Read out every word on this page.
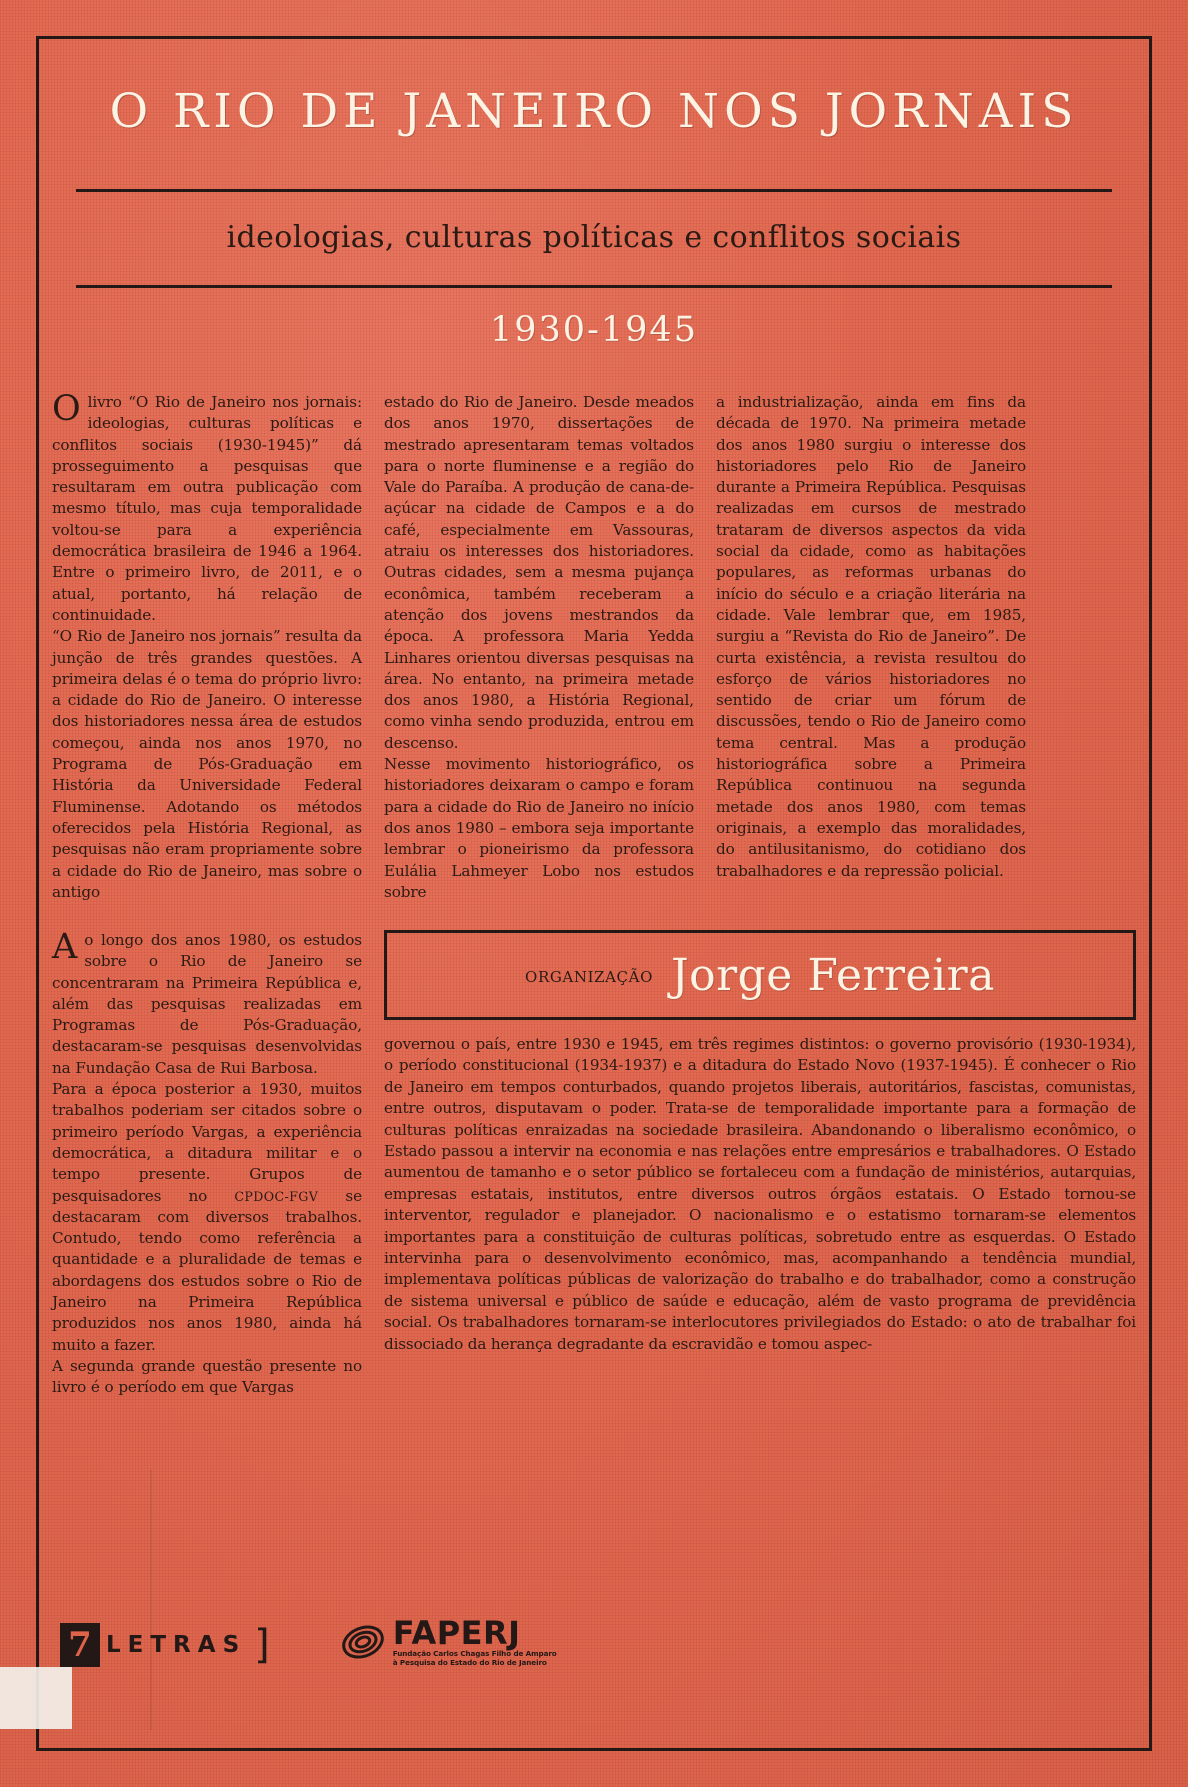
O RIO DE JANEIRO NOS JORNAIS
ideologias, culturas políticas e conflitos sociais
1930-1945

Olivro “O Rio de Janeiro nos jornais: ideologias, culturas políticas e conflitos sociais (1930-1945)” dá prosseguimento a pesquisas que resultaram em outra publicação com mesmo título, mas cuja temporalidade voltou-se para a experiência democrática brasileira de 1946 a 1964. Entre o primeiro livro, de 2011, e o atual, portanto, há relação de continuidade.

“O Rio de Janeiro nos jornais” resulta da junção de três grandes questões. A primeira delas é o tema do próprio livro: a cidade do Rio de Janeiro. O interesse dos historiadores nessa área de estudos começou, ainda nos anos 1970, no Programa de Pós-Graduação em História da Universidade Federal Fluminense. Adotando os métodos oferecidos pela História Regional, as pesquisas não eram propriamente sobre a cidade do Rio de Janeiro, mas sobre o antigo

estado do Rio de Janeiro. Desde meados dos anos 1970, dissertações de mestrado apresentaram temas voltados para o norte fluminense e a região do Vale do Paraíba. A produção de cana-de-açúcar na cidade de Campos e a do café, especialmente em Vassouras, atraiu os interesses dos historiadores. Outras cidades, sem a mesma pujança econômica, também receberam a atenção dos jovens mestrandos da época. A professora Maria Yedda Linhares orientou diversas pesquisas na área. No entanto, na primeira metade dos anos 1980, a História Regional, como vinha sendo produzida, entrou em descenso.

Nesse movimento historiográfico, os historiadores deixaram o campo e foram para a cidade do Rio de Janeiro no início dos anos 1980 – embora seja importante lembrar o pioneirismo da professora Eulália Lahmeyer Lobo nos estudos sobre

a industrialização, ainda em fins da década de 1970. Na primeira metade dos anos 1980 surgiu o interesse dos historiadores pelo Rio de Janeiro durante a Primeira República. Pesquisas realizadas em cursos de mestrado trataram de diversos aspectos da vida social da cidade, como as habitações populares, as reformas urbanas do início do século e a criação literária na cidade. Vale lembrar que, em 1985, surgiu a “Revista do Rio de Janeiro”. De curta existência, a revista resultou do esforço de vários historiadores no sentido de criar um fórum de discussões, tendo o Rio de Janeiro como tema central. Mas a produção historiográfica sobre a Primeira República continuou na segunda metade dos anos 1980, com temas originais, a exemplo das moralidades, do antilusitanismo, do cotidiano dos trabalhadores e da repressão policial.

Ao longo dos anos 1980, os estudos sobre o Rio de Janeiro se concentraram na Primeira República e, além das pesquisas realizadas em Programas de Pós-Graduação, destacaram-se pesquisas desenvolvidas na Fundação Casa de Rui Barbosa.

Para a época posterior a 1930, muitos trabalhos poderiam ser citados sobre o primeiro período Vargas, a experiência democrática, a ditadura militar e o tempo presente. Grupos de pesquisadores no CPDOC-FGV se destacaram com diversos trabalhos. Contudo, tendo como referência a quantidade e a pluralidade de temas e abordagens dos estudos sobre o Rio de Janeiro na Primeira República produzidos nos anos 1980, ainda há muito a fazer.

A segunda grande questão presente no livro é o período em que Vargas

organização Jorge Ferreira

governou o país, entre 1930 e 1945, em três regimes distintos: o governo provisório (1930-1934), o período constitucional (1934-1937) e a ditadura do Estado Novo (1937-1945). É conhecer o Rio de Janeiro em tempos conturbados, quando projetos liberais, autoritários, fascistas, comunistas, entre outros, disputavam o poder. Trata-se de temporalidade importante para a formação de culturas políticas enraizadas na sociedade brasileira. Abandonando o liberalismo econômico, o Estado passou a intervir na economia e nas relações entre empresários e trabalhadores. O Estado aumentou de tamanho e o setor público se fortaleceu com a fundação de ministérios, autarquias, empresas estatais, institutos, entre diversos outros órgãos estatais. O Estado tornou-se interventor, regulador e planejador. O nacionalismo e o estatismo tornaram-se elementos importantes para a constituição de culturas políticas, sobretudo entre as esquerdas. O Estado intervinha para o desenvolvimento econômico, mas, acompanhando a tendência mundial, implementava políticas públicas de valorização do trabalho e do trabalhador, como a construção de sistema universal e público de saúde e educação, além de vasto programa de previdência social. Os trabalhadores tornaram-se interlocutores privilegiados do Estado: o ato de trabalhar foi dissociado da herança degradante da escravidão e tomou aspec-

7 LETRAS ]	FAPERJ
Fundação Carlos Chagas Filho de Amparo
à Pesquisa do Estado do Rio de Janeiro
